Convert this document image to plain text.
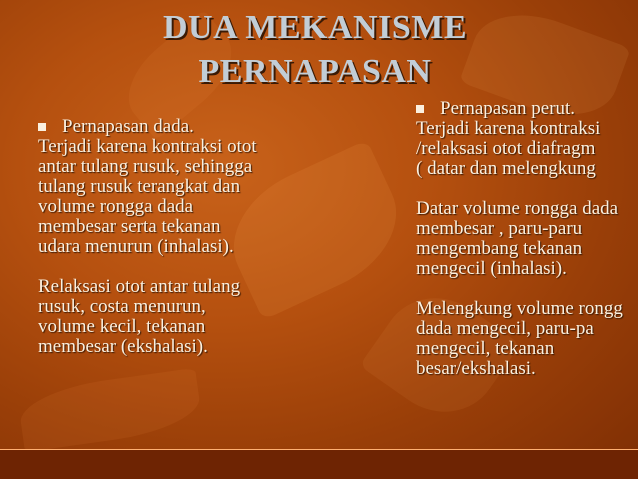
DUA MEKANISME
PERNAPASAN
Pernapasan dada.

Terjadi karena kontraksi otot
antar tulang rusuk, sehingga
tulang rusuk terangkat dan
volume rongga dada
membesar serta tekanan
udara menurun (inhalasi).

Relaksasi otot antar tulang
rusuk, costa menurun,
volume kecil, tekanan
membesar (ekshalasi).

Pernapasan perut.

Terjadi karena kontraksi
/relaksasi otot diafragm
( datar dan melengkung

Datar volume rongga dada
membesar , paru-paru
mengembang tekanan
mengecil (inhalasi).

Melengkung volume rongg
dada mengecil, paru-pa
mengecil, tekanan
besar/ekshalasi.
